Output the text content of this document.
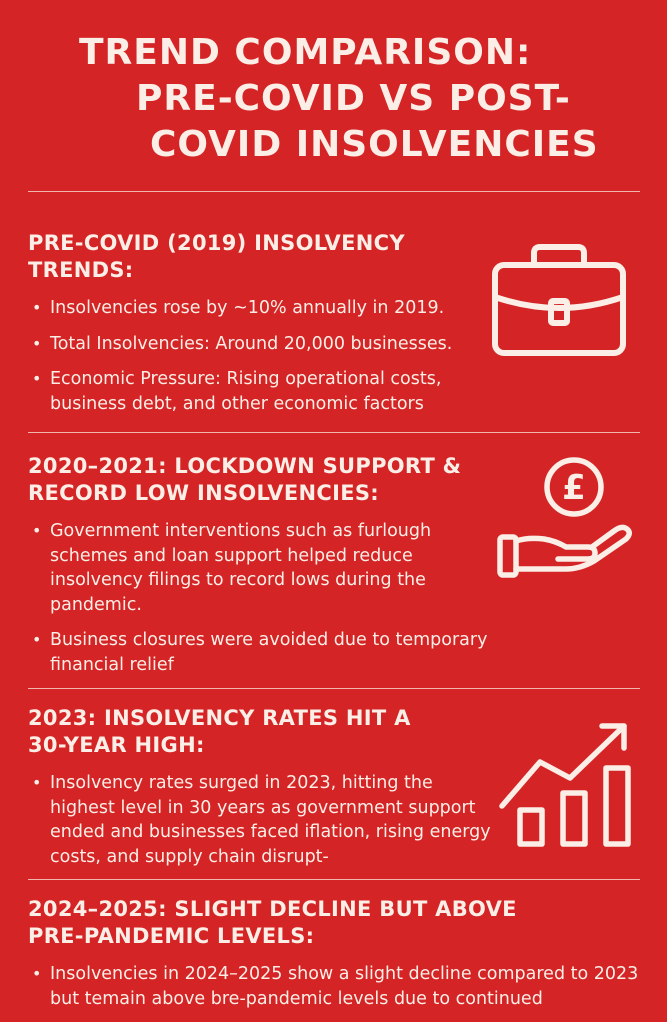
TREND COMPARISON:
PRE-COVID VS POST-
COVID INSOLVENCIES
PRE-COVID (2019) INSOLVENCY
TRENDS:
• Insolvencies rose by ~10% annually in 2019.
• Total Insolvencies: Around 20,000 businesses.
• Economic Pressure: Rising operational costs, business debt, and other economic factors
2020–2021: LOCKDOWN SUPPORT &
RECORD LOW INSOLVENCIES:
• Government interventions such as furlough schemes and loan support helped reduce insolvency filings to record lows during the pandemic.
• Business closures were avoided due to temporary financial relief
£
2023: INSOLVENCY RATES HIT A
30-YEAR HIGH:
• Insolvency rates surged in 2023, hitting the highest level in 30 years as government support ended and businesses faced iflation, rising energy costs, and supply chain disrupt-
2024–2025: SLIGHT DECLINE BUT ABOVE
PRE-PANDEMIC LEVELS:
• Insolvencies in 2024–2025 show a slight decline compared to 2023 but temain above bre-pandemic levels due to continued
